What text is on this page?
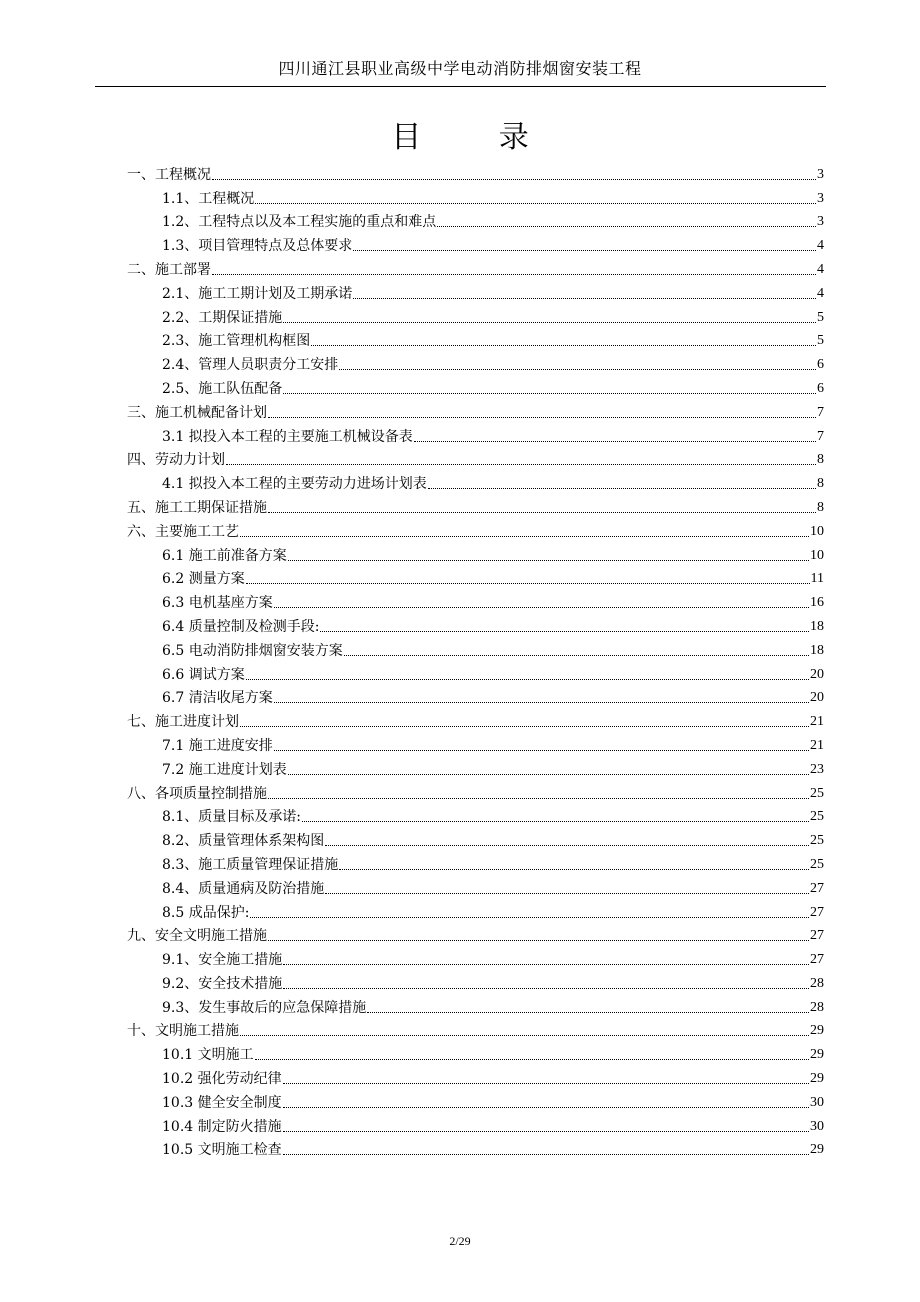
四川通江县职业高级中学电动消防排烟窗安装工程
目 录
一、工程概况	3
1.1、工程概况	3
1.2、工程特点以及本工程实施的重点和难点	3
1.3、项目管理特点及总体要求	4
二、施工部署	4
2.1、施工工期计划及工期承诺	4
2.2、工期保证措施	5
2.3、施工管理机构框图	5
2.4、管理人员职责分工安排	6
2.5、施工队伍配备	6
三、施工机械配备计划	7
3.1 拟投入本工程的主要施工机械设备表	7
四、劳动力计划	8
4.1 拟投入本工程的主要劳动力进场计划表	8
五、施工工期保证措施	8
六、主要施工工艺	10
6.1 施工前准备方案	10
6.2 测量方案	11
6.3 电机基座方案	16
6.4 质量控制及检测手段:	18
6.5 电动消防排烟窗安装方案	18
6.6 调试方案	20
6.7 清洁收尾方案	20
七、施工进度计划	21
7.1 施工进度安排	21
7.2 施工进度计划表	23
八、各项质量控制措施	25
8.1、质量目标及承诺:	25
8.2、质量管理体系架构图	25
8.3、施工质量管理保证措施	25
8.4、质量通病及防治措施	27
8.5 成品保护:	27
九、安全文明施工措施	27
9.1、安全施工措施	27
9.2、安全技术措施	28
9.3、发生事故后的应急保障措施	28
十、文明施工措施	29
10.1 文明施工	29
10.2 强化劳动纪律	29
10.3 健全安全制度	30
10.4 制定防火措施	30
10.5 文明施工检查	29
2/29
